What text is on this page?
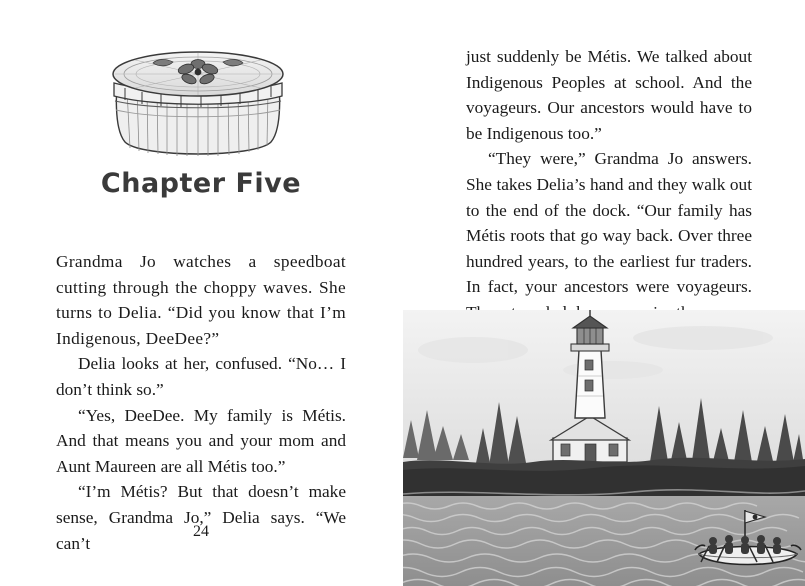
Chapter Five

Grandma Jo watches a speedboat cutting through the choppy waves. She turns to Delia. “Did you know that I’m Indigenous, DeeDee?”

Delia looks at her, confused. “No… I don’t think so.”

“Yes, DeeDee. My family is Métis. And that means you and your mom and Aunt Maureen are all Métis too.”

“I’m Métis? But that doesn’t make sense, Grandma Jo,” Delia says. “We can’t

24

just suddenly be Métis. We talked about Indigenous Peoples at school. And the voyageurs. Our ancestors would have to be Indigenous too.”

“They were,” Grandma Jo answers. She takes Delia’s hand and they walk out to the end of the dock. “Our family has Métis roots that go way back. Over three hundred years, to the earliest fur traders. In fact, your ancestors were voyageurs.
